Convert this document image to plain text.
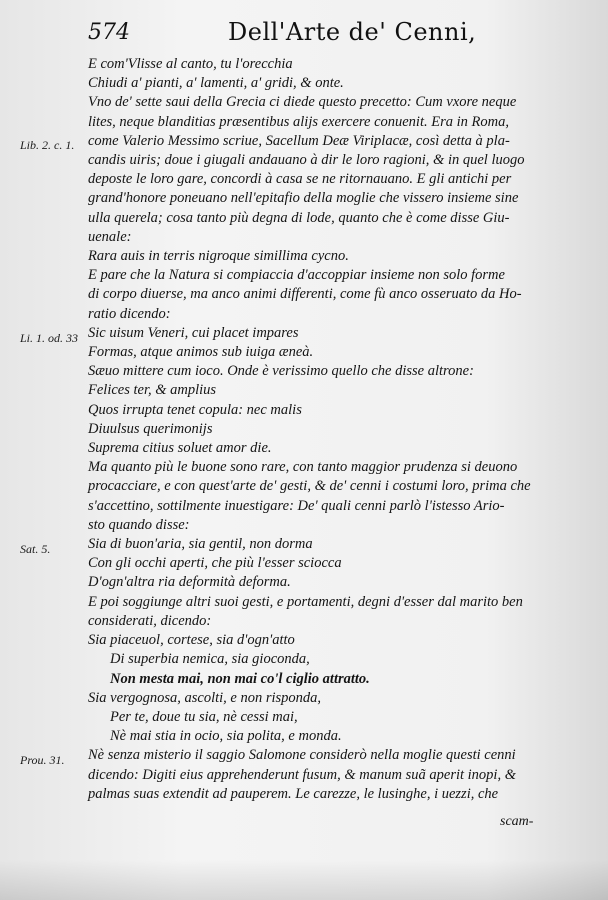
574	Dell'Arte de' Cenni,
Lib. 2. c. 1.
Li. 1. od. 33
Sat. 5.
Prou. 31.
E com'Vlisse al canto, tu l'orecchia
Chiudi a' pianti, a' lamenti, a' gridi, & onte.
Vno de' sette saui della Grecia ci diede questo precetto: Cum vxore neque
lites, neque blanditias præsentibus alijs exercere conuenit. Era in Roma,
come Valerio Messimo scriue, Sacellum Deæ Viriplacæ, così detta à pla-
candis uiris; doue i giugali andauano à dir le loro ragioni, & in quel luogo
deposte le loro gare, concordi à casa se ne ritornauano. E gli antichi per
grand'honore poneuano nell'epitafio della moglie che vissero insieme sine
ulla querela; cosa tanto più degna di lode, quanto che è come disse Giu-
uenale:
Rara auis in terris nigroque simillima cycno.
E pare che la Natura si compiaccia d'accoppiar insieme non solo forme
di corpo diuerse, ma anco animi differenti, come fù anco osseruato da Ho-
ratio dicendo:
Sic uisum Veneri, cui placet impares
Formas, atque animos sub iuiga æneà.
Sæuo mittere cum ioco. Onde è verissimo quello che disse altrone:
Felices ter, & amplius
Quos irrupta tenet copula: nec malis
Diuulsus querimonijs
Suprema citius soluet amor die.
Ma quanto più le buone sono rare, con tanto maggior prudenza si deuono
procacciare, e con quest'arte de' gesti, & de' cenni i costumi loro, prima che
s'accettino, sottilmente inuestigare: De' quali cenni parlò l'istesso Ario-
sto quando disse:
Sia di buon'aria, sia gentil, non dorma
Con gli occhi aperti, che più l'esser sciocca
D'ogn'altra ria deformità deforma.
E poi soggiunge altri suoi gesti, e portamenti, degni d'esser dal marito ben
considerati, dicendo:
Sia piaceuol, cortese, sia d'ogn'atto
Di superbia nemica, sia gioconda,
Non mesta mai, non mai co'l ciglio attratto.
Sia vergognosa, ascolti, e non risponda,
Per te, doue tu sia, nè cessi mai,
Nè mai stia in ocio, sia polita, e monda.
Nè senza misterio il saggio Salomone considerò nella moglie questi cenni
dicendo: Digiti eius apprehenderunt fusum, & manum suã aperit inopi, &
palmas suas extendit ad pauperem. Le carezze, le lusinghe, i uezzi, che
scam-
